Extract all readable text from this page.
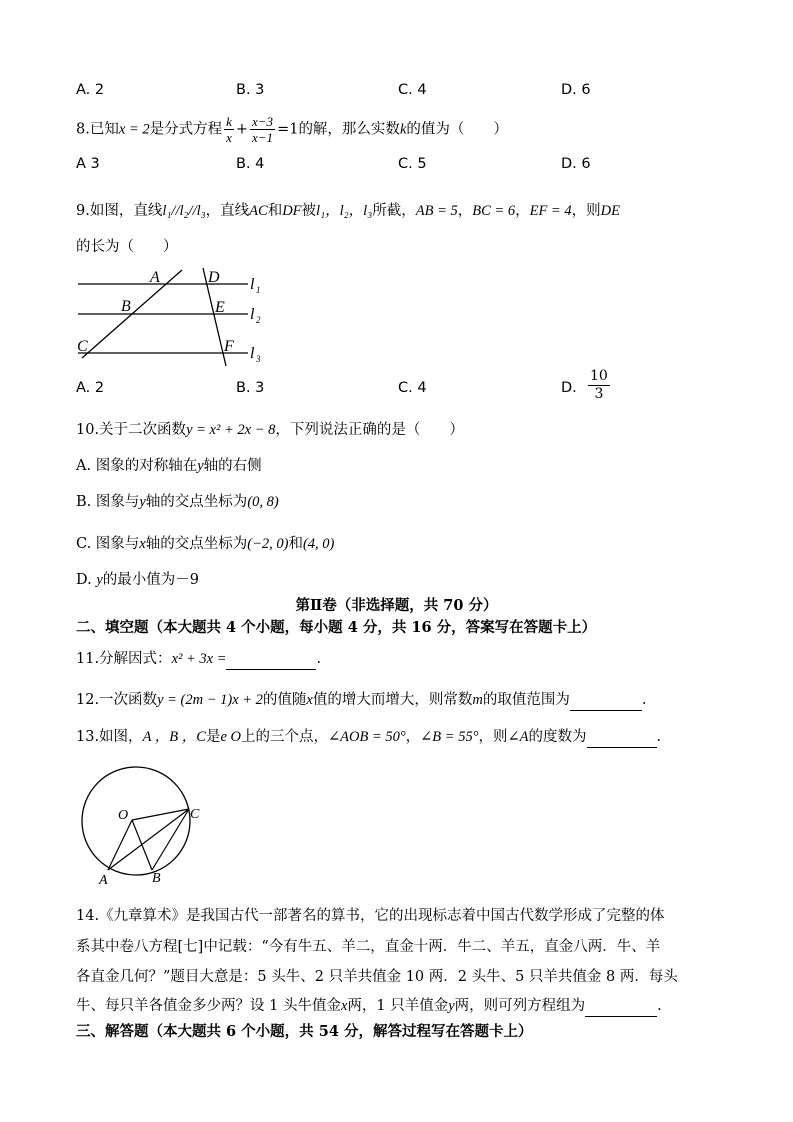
A. 2	B. 3	C. 4	D. 6
8.已知x = 2是分式方程 $\frac{k}{x} + \frac{x-3}{x-1} =1$的解，那么实数k的值为（　　）
A 3	B. 4	C. 5	D. 6
9.如图，直线l₁//l₂//l₃，直线AC和DF被l₁，l₂，l₃所截，AB = 5，BC = 6，EF = 4，则DE
的长为（　　）
A
B
C
D
E
F
l 1
l 2
l 3
A. 2	B. 3	C. 4	D. $\frac{10}{3}$
10.关于二次函数y = x² + 2x − 8，下列说法正确的是（　　）
A. 图象的对称轴在y轴的右侧
B. 图象与y轴的交点坐标为(0, 8)
C. 图象与x轴的交点坐标为(−2, 0)和(4, 0)
D. y的最小值为－9
第Ⅱ卷（非选择题，共 70 分）
二、填空题（本大题共 4 个小题，每小题 4 分，共 16 分，答案写在答题卡上）
11.分解因式：x² + 3x =	.
12.一次函数y = (2m − 1)x + 2的值随x值的增大而增大，则常数m的取值范围为	.
13.如图，A ，B ，C是e O上的三个点，∠AOB = 50°，∠B = 55°，则∠A的度数为	.
O	C
A	B
14.《九章算术》是我国古代一部著名的算书，它的出现标志着中国古代数学形成了完整的体
系其中卷八方程[七]中记载：“今有牛五、羊二，直金十两．牛二、羊五，直金八两．牛、羊
各直金几何？”题目大意是：5 头牛、2 只羊共值金 10 两．2 头牛、5 只羊共值金 8 两．每头
牛、每只羊各值金多少两？设 1 头牛值金x两，1 只羊值金y两，则可列方程组为	.
三、解答题（本大题共 6 个小题，共 54 分，解答过程写在答题卡上）
